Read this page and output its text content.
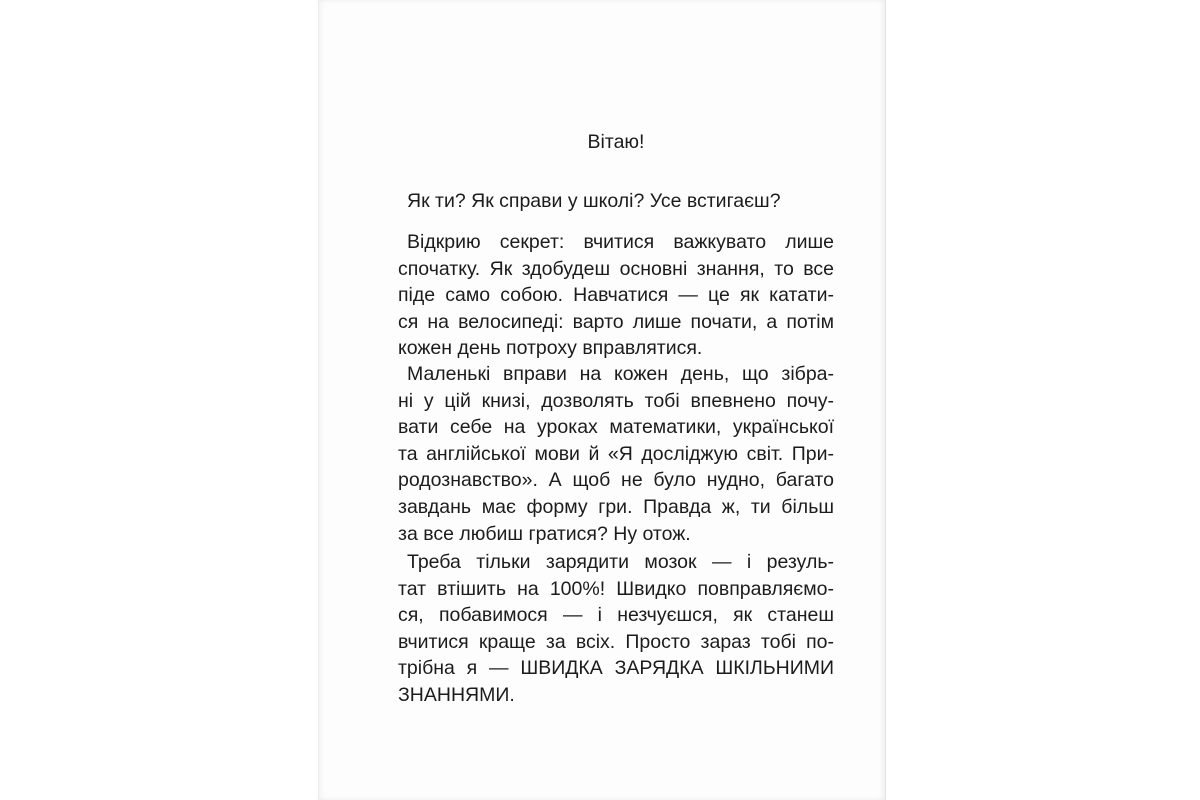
Вітаю!
Як ти? Як справи у школі? Усе встигаєш?
Відкрию секрет: вчитися важкувато лише
спочатку. Як здобудеш основні знання, то все
піде само собою. Навчатися — це як катати-
ся на велосипеді: варто лише почати, а потім
кожен день потроху вправлятися.
Маленькі вправи на кожен день, що зібра-
ні у цій книзі, дозволять тобі впевнено почу-
вати себе на уроках математики, української
та англійської мови й «Я досліджую світ. При-
родознавство». А щоб не було нудно, багато
завдань має форму гри. Правда ж, ти більш
за все любиш гратися? Ну отож.
Треба тільки зарядити мозок — і резуль-
тат втішить на 100%! Швидко повправляємо-
ся, побавимося — і незчуєшся, як станеш
вчитися краще за всіх. Просто зараз тобі по-
трібна я — ШВИДКА ЗАРЯДКА ШКІЛЬНИМИ
ЗНАННЯМИ.
